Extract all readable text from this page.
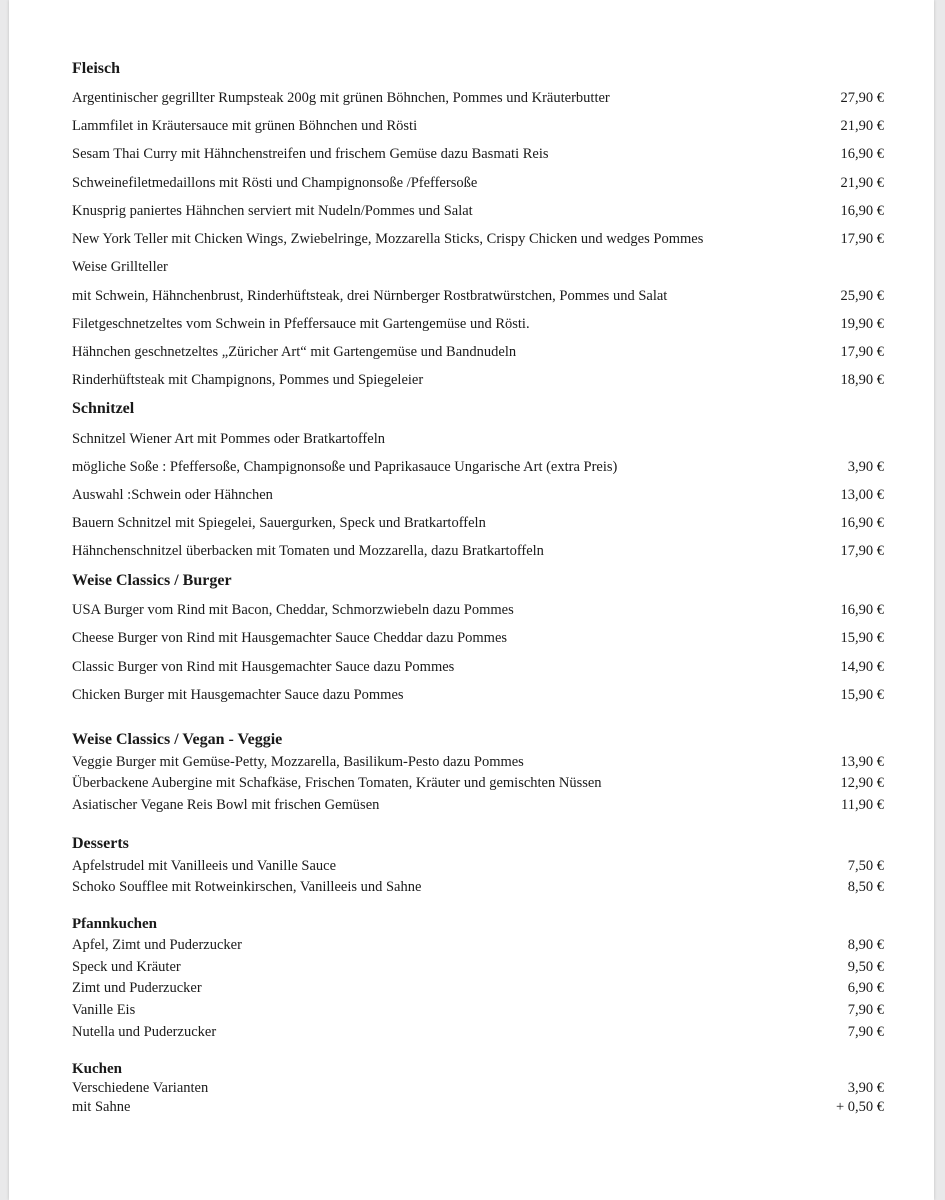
Fleisch
Argentinischer gegrillter Rumpsteak 200g mit grünen Böhnchen, Pommes und Kräuterbutter	27,90 €
Lammfilet in Kräutersauce mit grünen Böhnchen und Rösti	21,90 €
Sesam Thai Curry mit Hähnchenstreifen und frischem Gemüse dazu Basmati Reis	16,90 €
Schweinefiletmedaillons mit Rösti und Champignonsoße /Pfeffersoße	21,90 €
Knusprig paniertes Hähnchen serviert mit Nudeln/Pommes und Salat	16,90 €
New York Teller mit Chicken Wings, Zwiebelringe, Mozzarella Sticks, Crispy Chicken und wedges Pommes	17,90 €
Weise Grillteller
mit Schwein, Hähnchenbrust, Rinderhüftsteak, drei Nürnberger Rostbratwürstchen, Pommes und Salat	25,90 €
Filetgeschnetzeltes vom Schwein in Pfeffersauce mit Gartengemüse und Rösti.	19,90 €
Hähnchen geschnetzeltes „Züricher Art“ mit Gartengemüse und Bandnudeln	17,90 €
Rinderhüftsteak mit Champignons, Pommes und Spiegeleier	18,90 €
Schnitzel
Schnitzel Wiener Art mit Pommes oder Bratkartoffeln
mögliche Soße : Pfeffersoße, Champignonsoße und Paprikasauce Ungarische Art (extra Preis)	3,90 €
Auswahl :Schwein oder Hähnchen	13,00 €
Bauern Schnitzel mit Spiegelei, Sauergurken, Speck und Bratkartoffeln	16,90 €
Hähnchenschnitzel überbacken mit Tomaten und Mozzarella, dazu Bratkartoffeln	17,90 €
Weise Classics / Burger
USA Burger vom Rind mit Bacon, Cheddar, Schmorzwiebeln dazu Pommes	16,90 €
Cheese Burger von Rind mit Hausgemachter Sauce Cheddar dazu Pommes	15,90 €
Classic Burger von Rind mit Hausgemachter Sauce dazu Pommes	14,90 €
Chicken Burger mit Hausgemachter Sauce dazu Pommes	15,90 €
Weise Classics / Vegan - Veggie
Veggie Burger mit Gemüse-Petty, Mozzarella, Basilikum-Pesto dazu Pommes	13,90 €
Überbackene Aubergine mit Schafkäse, Frischen Tomaten, Kräuter und gemischten Nüssen	12,90 €
Asiatischer Vegane Reis Bowl mit frischen Gemüsen	11,90 €
Desserts
Apfelstrudel mit Vanilleeis und Vanille Sauce	7,50 €
Schoko Soufflee mit Rotweinkirschen, Vanilleeis und Sahne	8,50 €
Pfannkuchen
Apfel, Zimt und Puderzucker	8,90 €
Speck und Kräuter	9,50 €
Zimt und Puderzucker	6,90 €
Vanille Eis	7,90 €
Nutella und Puderzucker	7,90 €
Kuchen
Verschiedene Varianten	3,90 €
mit Sahne	+ 0,50 €
